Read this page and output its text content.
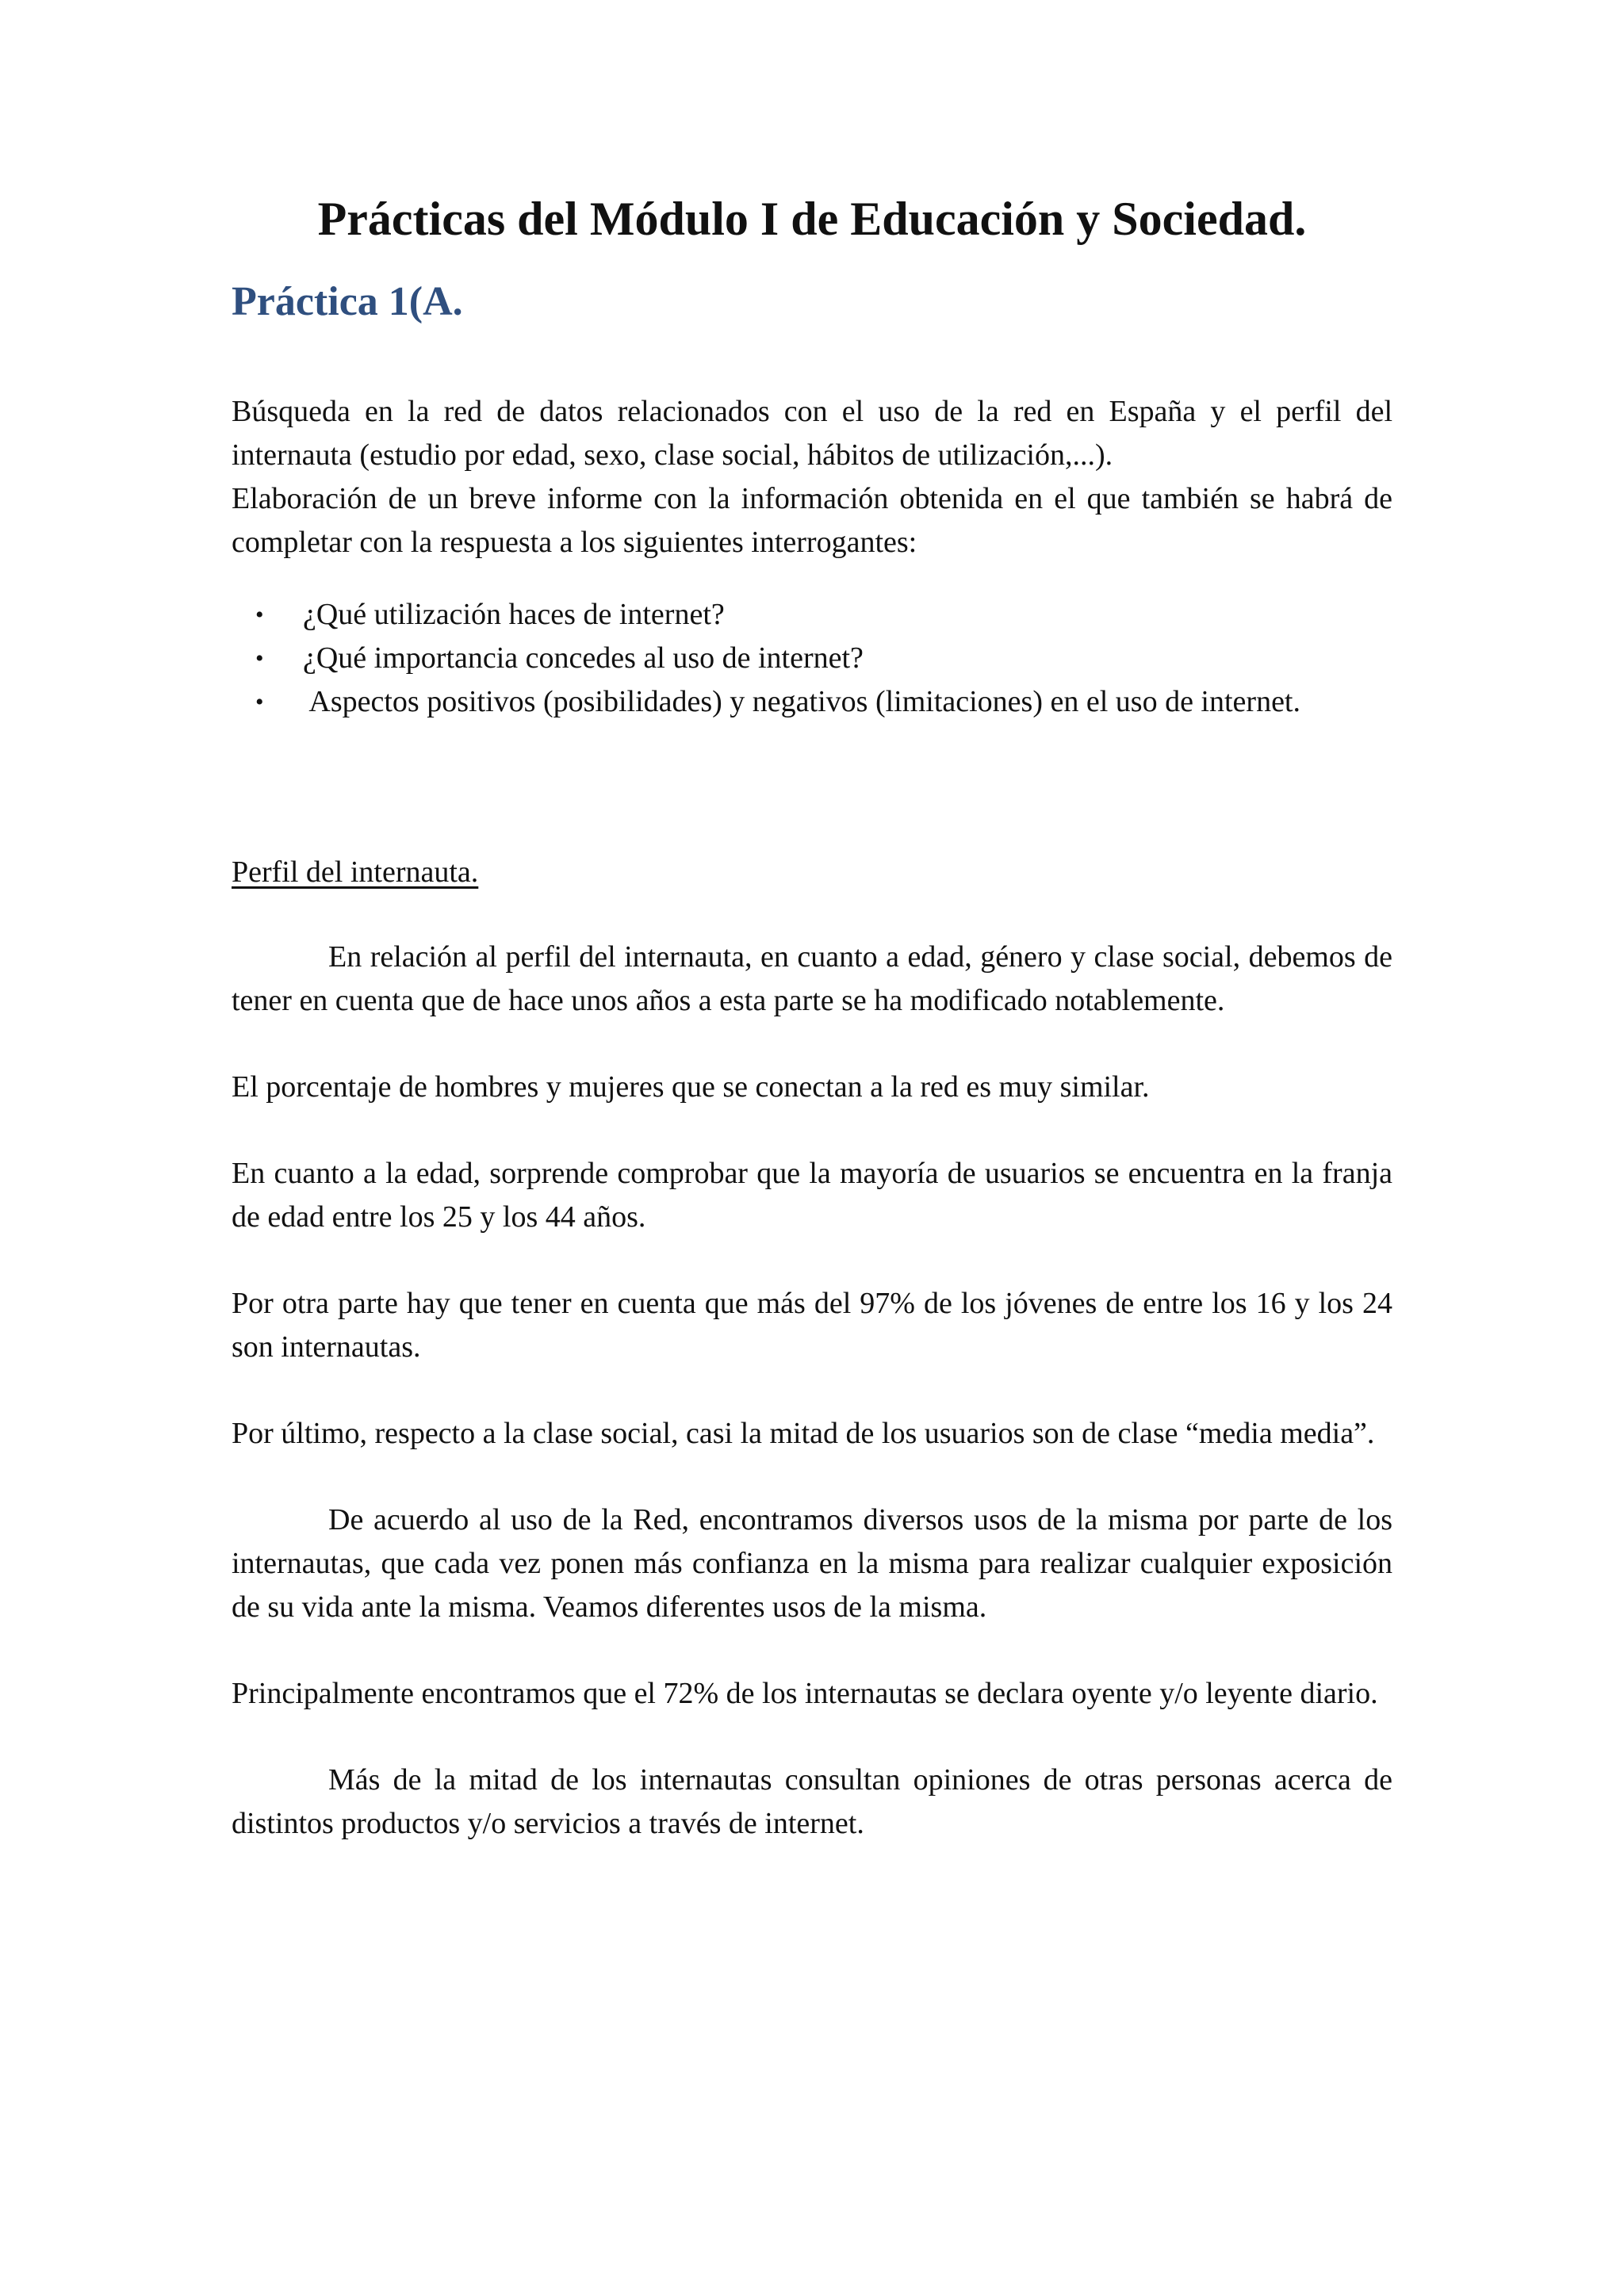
Prácticas del Módulo I de Educación y Sociedad.
Práctica 1(A.

Búsqueda en la red de datos relacionados con el uso de la red en España y el perfil del internauta (estudio por edad, sexo, clase social, hábitos de utilización,...).

Elaboración de un breve informe con la información obtenida en el que también se habrá de completar con la respuesta a los siguientes interrogantes:

• ¿Qué utilización haces de internet?
• ¿Qué importancia concedes al uso de internet?
• Aspectos positivos (posibilidades) y negativos (limitaciones) en el uso de internet.
Perfil del internauta.

En relación al perfil del internauta, en cuanto a edad, género y clase social, debemos de tener en cuenta que de hace unos años a esta parte se ha modificado notablemente.

El porcentaje de hombres y mujeres que se conectan a la red es muy similar.

En cuanto a la edad, sorprende comprobar que la mayoría de usuarios se encuentra en la franja de edad entre los 25 y los 44 años.

Por otra parte hay que tener en cuenta que más del 97% de los jóvenes de entre los 16 y los 24 son internautas.

Por último, respecto a la clase social, casi la mitad de los usuarios son de clase “media media”.

De acuerdo al uso de la Red, encontramos diversos usos de la misma por parte de los internautas, que cada vez ponen más confianza en la misma para realizar cualquier exposición de su vida ante la misma. Veamos diferentes usos de la misma.

Principalmente encontramos que el 72% de los internautas se declara oyente y/o leyente diario.

Más de la mitad de los internautas consultan opiniones de otras personas acerca de distintos productos y/o servicios a través de internet.
